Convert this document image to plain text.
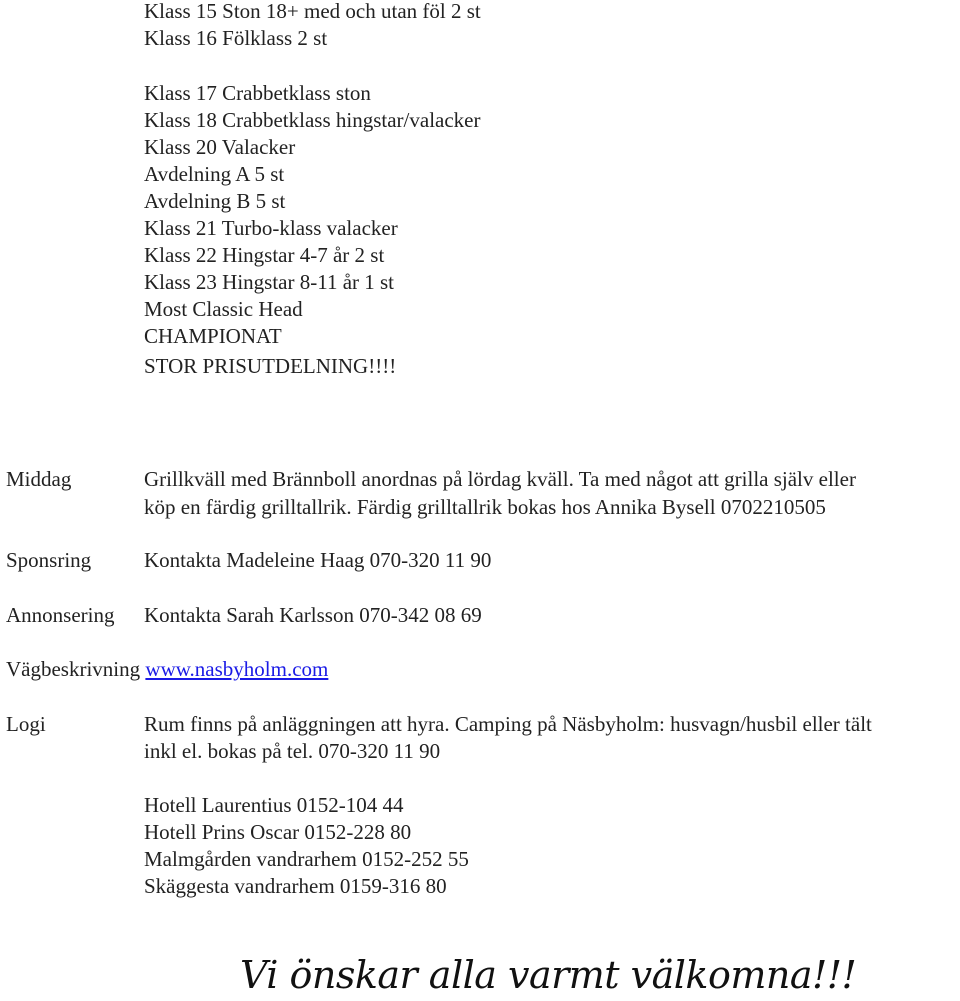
Klass 15 Ston 18+ med och utan föl 2 st
Klass 16 Fölklass 2 st
Klass 17 Crabbetklass ston
Klass 18 Crabbetklass hingstar/valacker
Klass 20 Valacker
Avdelning A 5 st
Avdelning B 5 st
Klass 21 Turbo-klass valacker
Klass 22 Hingstar 4-7 år 2 st
Klass 23 Hingstar 8-11 år 1 st
Most Classic Head
CHAMPIONAT
STOR PRISUTDELNING!!!!
Middag	Grillkväll med Brännboll anordnas på lördag kväll. Ta med något att grilla själv eller
köp en färdig grilltallrik. Färdig grilltallrik bokas hos Annika Bysell 0702210505
Sponsring	Kontakta Madeleine Haag 070-320 11 90
Annonsering Kontakta Sarah Karlsson 070-342 08 69
Vägbeskrivning www.nasbyholm.com
Logi	Rum finns på anläggningen att hyra. Camping på Näsbyholm: husvagn/husbil eller tält
inkl el. bokas på tel. 070-320 11 90
Hotell Laurentius 0152-104 44
Hotell Prins Oscar 0152-228 80
Malmgården vandrarhem 0152-252 55
Skäggesta vandrarhem 0159-316 80
Vi önskar alla varmt välkomna!!!
